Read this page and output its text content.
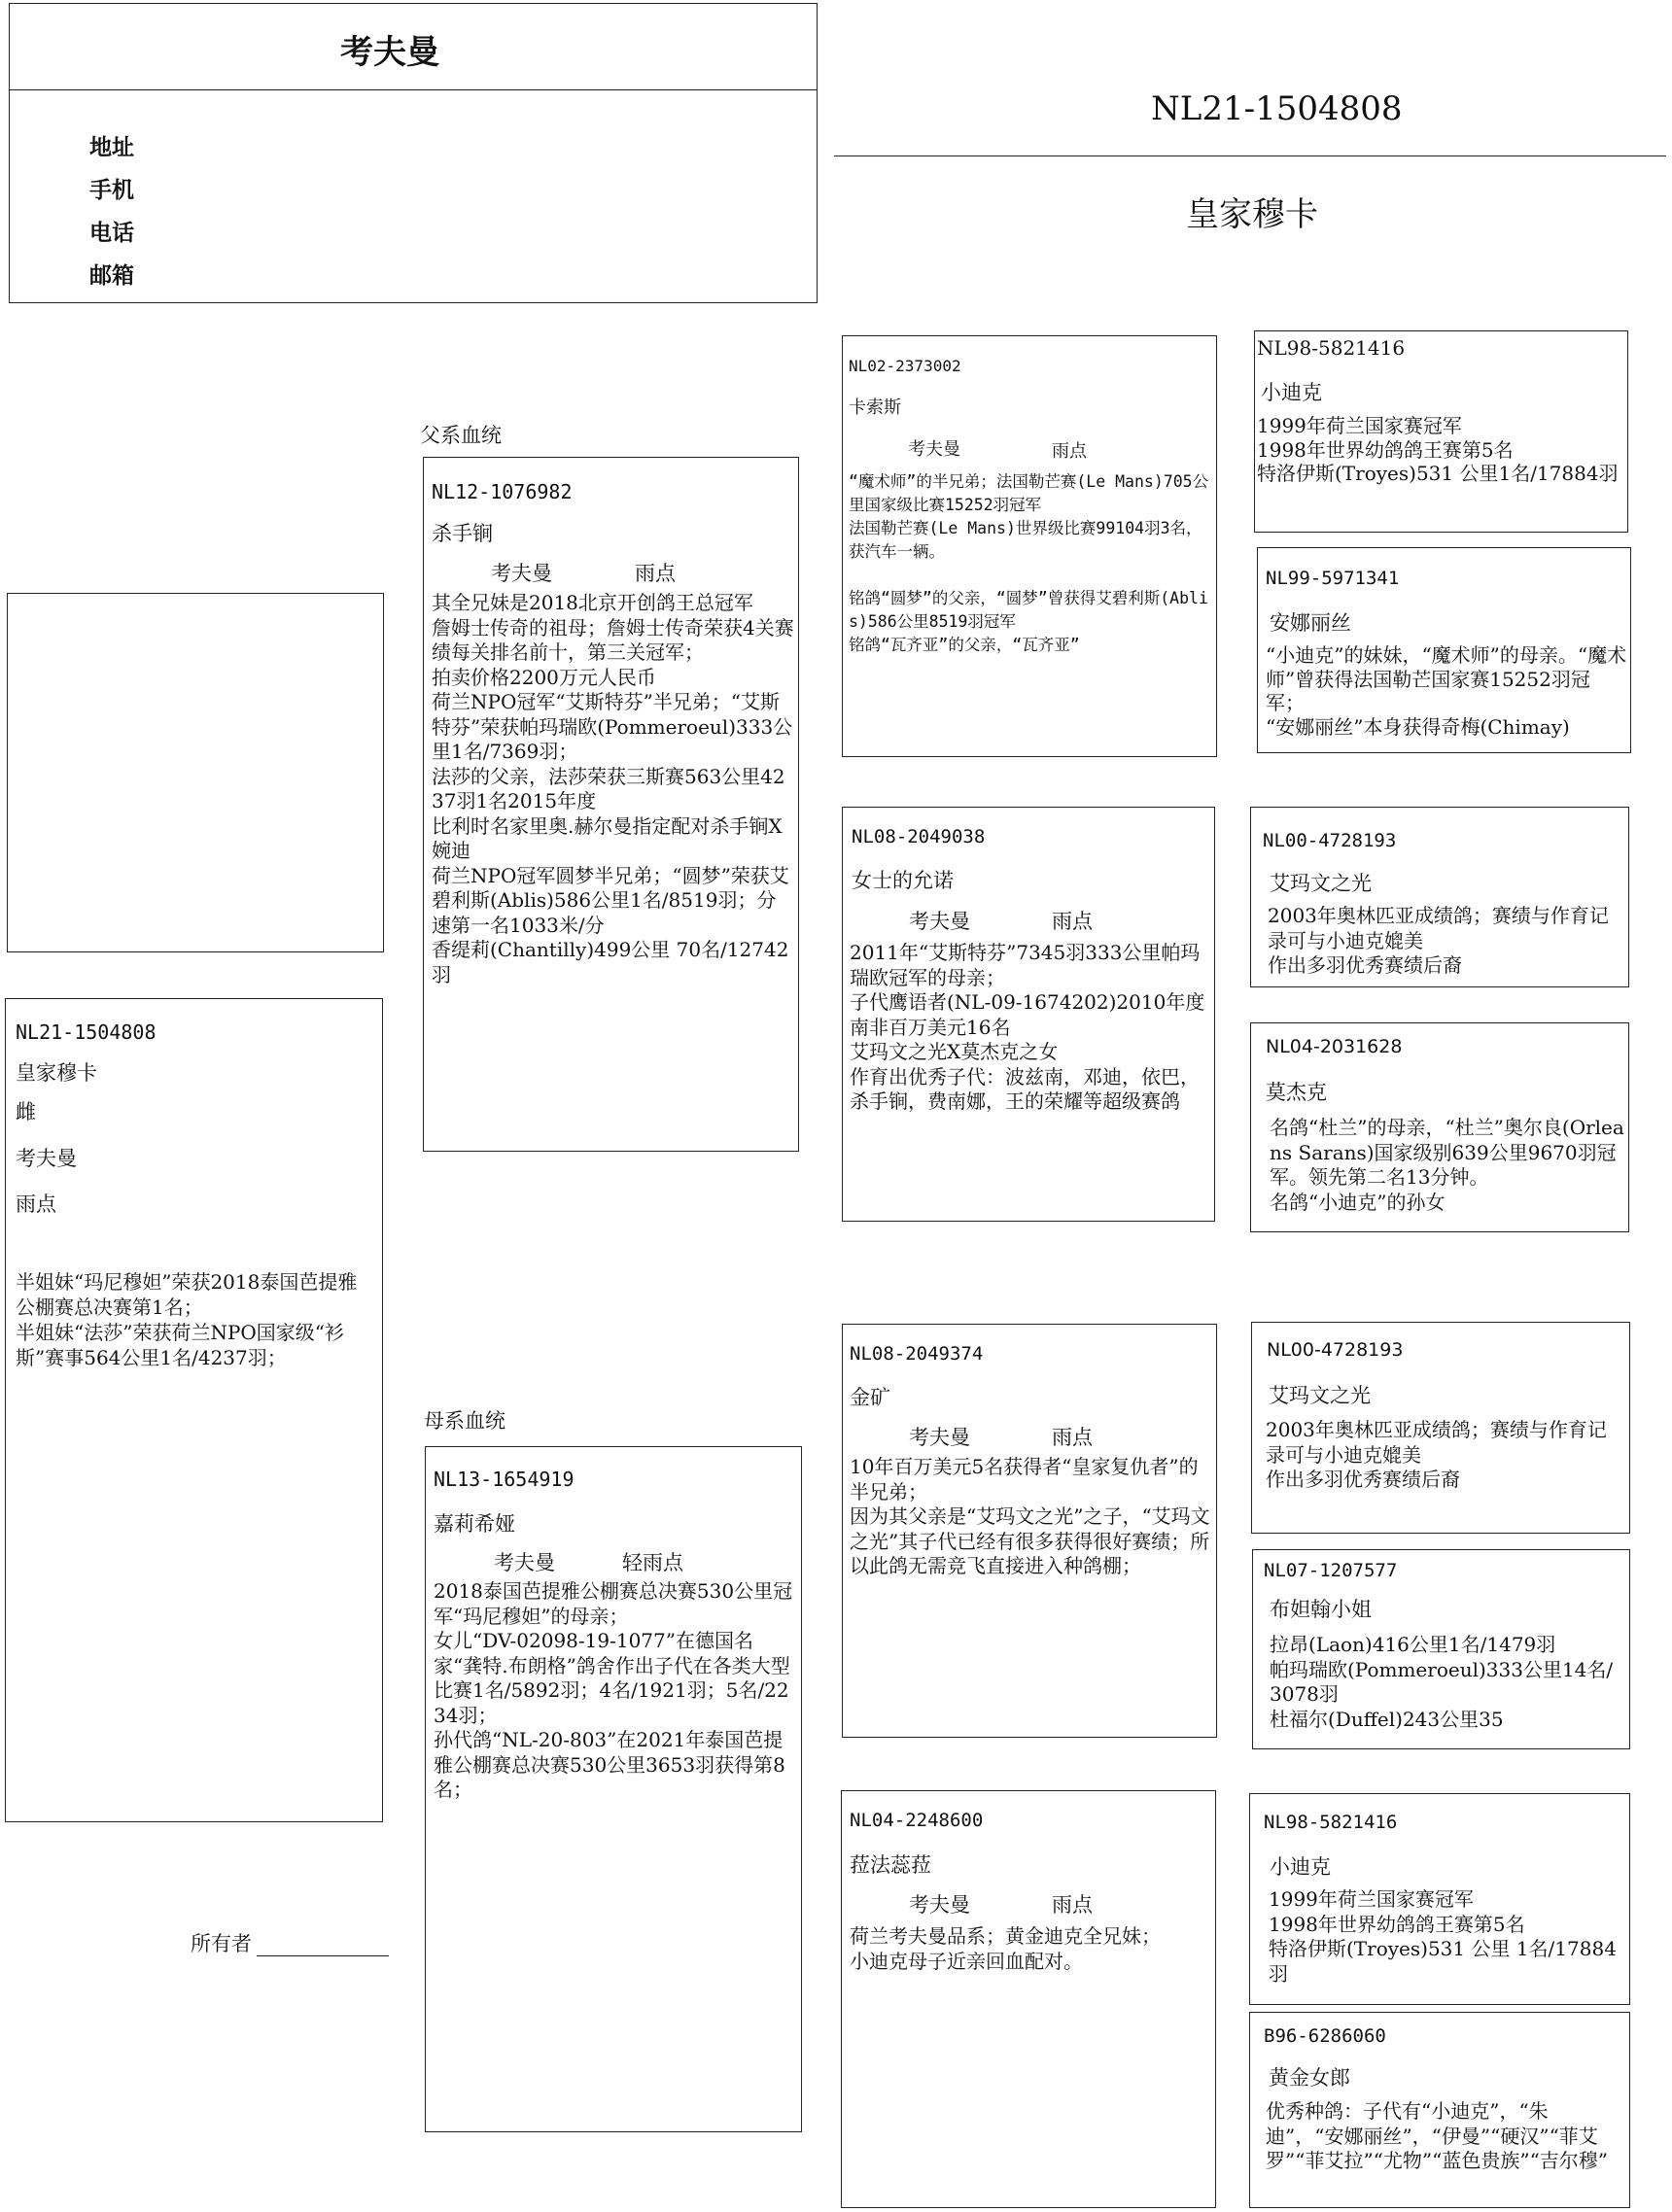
考夫曼
地址
手机
电话
邮箱
NL21-1504808
皇家穆卡
NL21-1504808
皇家穆卡
雌
考夫曼
雨点
半姐妹“玛尼穆妲”荣获2018泰国芭提雅公棚赛总决赛第1名；
半姐妹“法莎”荣获荷兰NPO国家级“衫斯”赛事564公里1名/4237羽；
所有者
父系血统
NL12-1076982
杀手锏
考夫曼	雨点
其全兄妹是2018北京开创鸽王总冠军
詹姆士传奇的祖母；詹姆士传奇荣获4关赛绩每关排名前十，第三关冠军；
拍卖价格2200万元人民币
荷兰NPO冠军“艾斯特芬”半兄弟；“艾斯特芬”荣获帕玛瑞欧(Pommeroeul)333公里1名/7369羽；
法莎的父亲，法莎荣获三斯赛563公里4237羽1名2015年度
比利时名家里奥.赫尔曼指定配对杀手锏X婉迪
荷兰NPO冠军圆梦半兄弟；“圆梦”荣获艾碧利斯(Ablis)586公里1名/8519羽；分速第一名1033米/分
香缇莉(Chantilly)499公里 70名/12742羽
母系血统
NL13-1654919
嘉莉希娅
考夫曼	轻雨点
2018泰国芭提雅公棚赛总决赛530公里冠军“玛尼穆妲”的母亲；
女儿“DV-02098-19-1077”在德国名家“龚特.布朗格”鸽舍作出子代在各类大型比赛1名/5892羽；4名/1921羽；5名/2234羽；
孙代鸽“NL-20-803”在2021年泰国芭提雅公棚赛总决赛530公里3653羽获得第8名；
NL02-2373002
卡索斯
考夫曼	雨点
“魔术师”的半兄弟；法国勒芒赛(Le Mans)705公里国家级比赛15252羽冠军
法国勒芒赛(Le Mans)世界级比赛99104羽3名，获汽车一辆。

铭鸽“圆梦”的父亲，“圆梦”曾获得艾碧利斯(Ablis)586公里8519羽冠军
铭鸽“瓦齐亚”的父亲，“瓦齐亚”
NL08-2049038
女士的允诺
考夫曼	雨点
2011年“艾斯特芬”7345羽333公里帕玛瑞欧冠军的母亲；
子代鹰语者(NL-09-1674202)2010年度南非百万美元16名
艾玛文之光X莫杰克之女
作育出优秀子代：波兹南，邓迪，依巴，杀手锏，费南娜，王的荣耀等超级赛鸽
NL08-2049374
金矿
考夫曼	雨点
10年百万美元5名获得者“皇家复仇者”的半兄弟；
因为其父亲是“艾玛文之光”之子，“艾玛文之光”其子代已经有很多获得很好赛绩；所以此鸽无需竞飞直接进入种鸽棚；
NL04-2248600
菈法蕊菈
考夫曼	雨点
荷兰考夫曼品系；黄金迪克全兄妹；
小迪克母子近亲回血配对。
NL98-5821416
小迪克
1999年荷兰国家赛冠军
1998年世界幼鸽鸽王赛第5名
特洛伊斯(Troyes)531 公里1名/17884羽
NL99-5971341
安娜丽丝
“小迪克”的妹妹，“魔术师”的母亲。“魔术师”曾获得法国勒芒国家赛15252羽冠军；
“安娜丽丝”本身获得奇梅(Chimay)
NL00-4728193
艾玛文之光
2003年奥林匹亚成绩鸽；赛绩与作育记录可与小迪克媲美
作出多羽优秀赛绩后裔
NL04-2031628
莫杰克
名鸽“杜兰”的母亲，“杜兰”奥尔良(Orleans Sarans)国家级别639公里9670羽冠军。领先第二名13分钟。
名鸽“小迪克”的孙女
NL00-4728193
艾玛文之光
2003年奥林匹亚成绩鸽；赛绩与作育记录可与小迪克媲美
作出多羽优秀赛绩后裔
NL07-1207577
布妲翰小姐
拉昂(Laon)416公里1名/1479羽
帕玛瑞欧(Pommeroeul)333公里14名/3078羽
杜福尔(Duffel)243公里35
NL98-5821416
小迪克
1999年荷兰国家赛冠军
1998年世界幼鸽鸽王赛第5名
特洛伊斯(Troyes)531 公里 1名/17884羽
B96-6286060
黄金女郎
优秀种鸽：子代有“小迪克”，“朱迪”，“安娜丽丝”，“伊曼”“硬汉”“菲艾罗”“菲艾拉”“尤物”“蓝色贵族”“吉尔穆”
